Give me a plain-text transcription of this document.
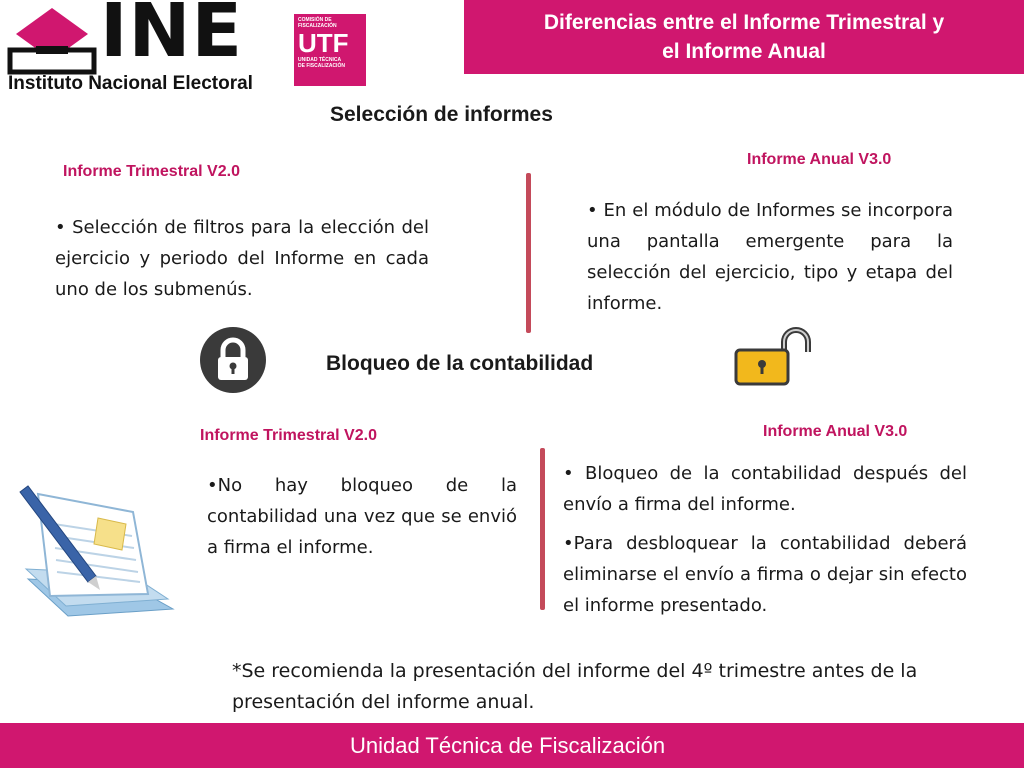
Diferencias entre el Informe Trimestral y
el Informe Anual
INE
Instituto Nacional Electoral
COMISIÓN DE
FISCALIZACIÓN
UTF
UNIDAD TÉCNICA
DE FISCALIZACIÓN
Selección de informes
Informe Trimestral V2.0
• Selección de filtros para la elección del ejercicio y periodo del Informe en cada uno de los submenús.
Informe Anual V3.0
• En el módulo de Informes se incorpora una pantalla emergente para la selección del ejercicio, tipo y etapa del informe.
Bloqueo de la contabilidad
Informe Trimestral V2.0
•No hay bloqueo de la contabilidad una vez que se envió a firma el informe.
Informe Anual V3.0
• Bloqueo de la contabilidad después del envío a firma del informe.
•Para desbloquear la contabilidad deberá eliminarse el envío a firma o dejar sin efecto el informe presentado.
*Se recomienda la presentación del informe del 4º trimestre antes de la presentación del informe anual.
Unidad Técnica de Fiscalización
